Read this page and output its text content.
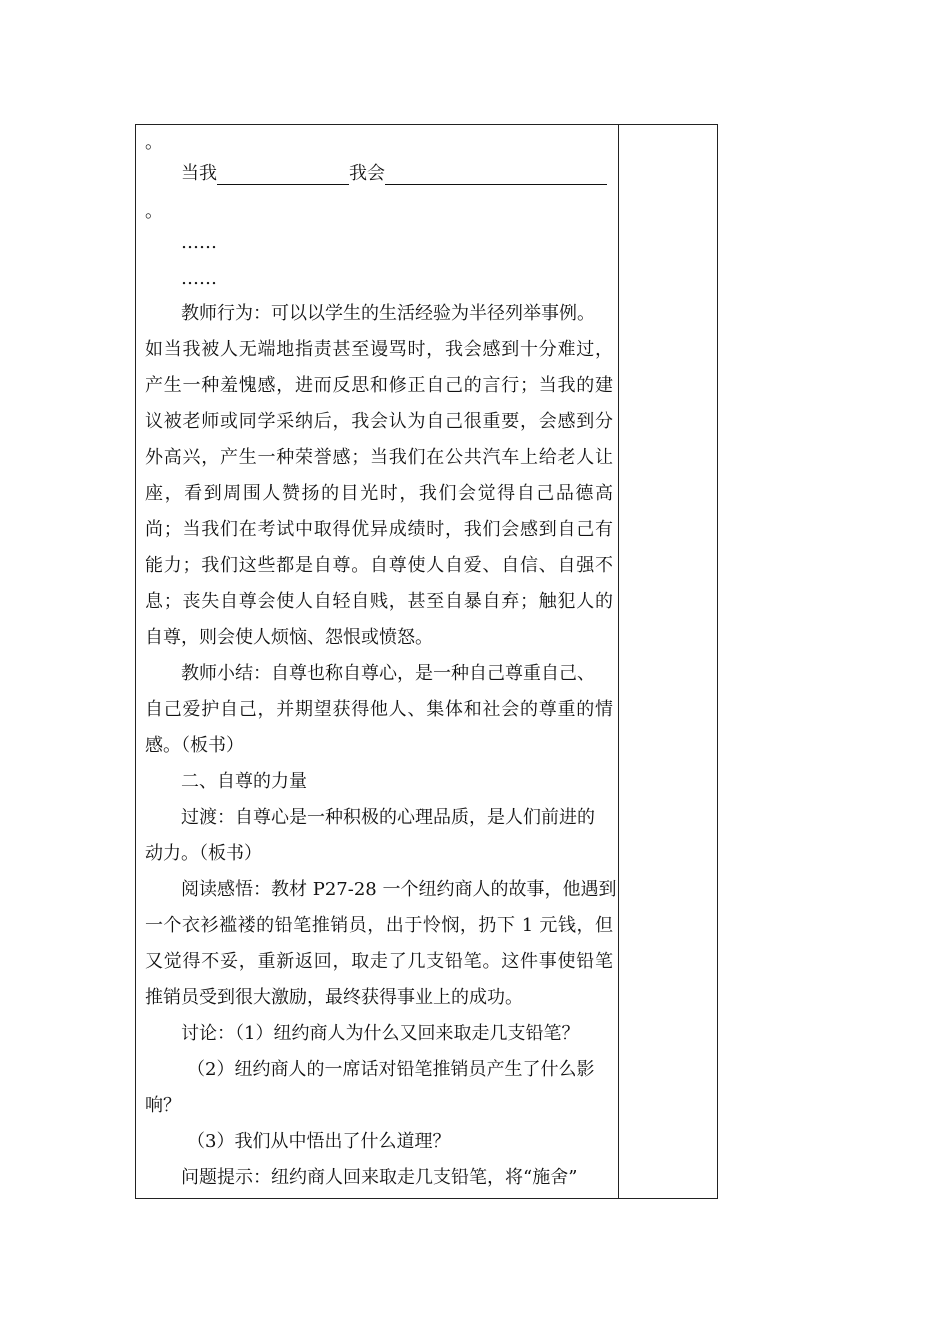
。
当我	我会
。
……
……
教师行为：可以以学生的生活经验为半径列举事例。
如当我被人无端地指责甚至谩骂时，我会感到十分难过，
产生一种羞愧感，进而反思和修正自己的言行；当我的建
议被老师或同学采纳后，我会认为自己很重要，会感到分
外高兴，产生一种荣誉感；当我们在公共汽车上给老人让
座，看到周围人赞扬的目光时，我们会觉得自己品德高
尚；当我们在考试中取得优异成绩时，我们会感到自己有
能力；我们这些都是自尊。自尊使人自爱、自信、自强不
息；丧失自尊会使人自轻自贱，甚至自暴自弃；触犯人的
自尊，则会使人烦恼、怨恨或愤怒。
教师小结：自尊也称自尊心，是一种自己尊重自己、
自己爱护自己，并期望获得他人、集体和社会的尊重的情
感。（板书）
二、自尊的力量
过渡：自尊心是一种积极的心理品质，是人们前进的
动力。（板书）
阅读感悟：教材 P27-28 一个纽约商人的故事，他遇到
一个衣衫褴褛的铅笔推销员，出于怜悯，扔下 1 元钱，但
又觉得不妥，重新返回，取走了几支铅笔。这件事使铅笔
推销员受到很大激励，最终获得事业上的成功。
讨论：（1）纽约商人为什么又回来取走几支铅笔？
（2）纽约商人的一席话对铅笔推销员产生了什么影
响？
（3）我们从中悟出了什么道理？
问题提示：纽约商人回来取走几支铅笔，将“施舍”
